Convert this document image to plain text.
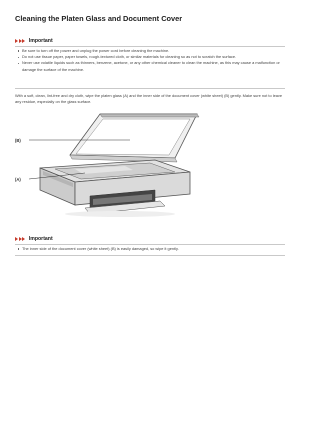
Cleaning the Platen Glass and Document Cover
Important
Be sure to turn off the power and unplug the power cord before cleaning the machine.
Do not use tissue paper, paper towels, rough-textured cloth, or similar materials for cleaning so as not to scratch the surface.
Never use volatile liquids such as thinners, benzene, acetone, or any other chemical cleaner to clean the machine, as this may cause a malfunction or damage the surface of the machine.
With a soft, clean, lint-free and dry cloth, wipe the platen glass (A) and the inner side of the document cover (white sheet) (B) gently. Make sure not to leave any residue, especially on the glass surface.
(B)
(A)
Important
The inner side of the document cover (white sheet) (B) is easily damaged, so wipe it gently.
